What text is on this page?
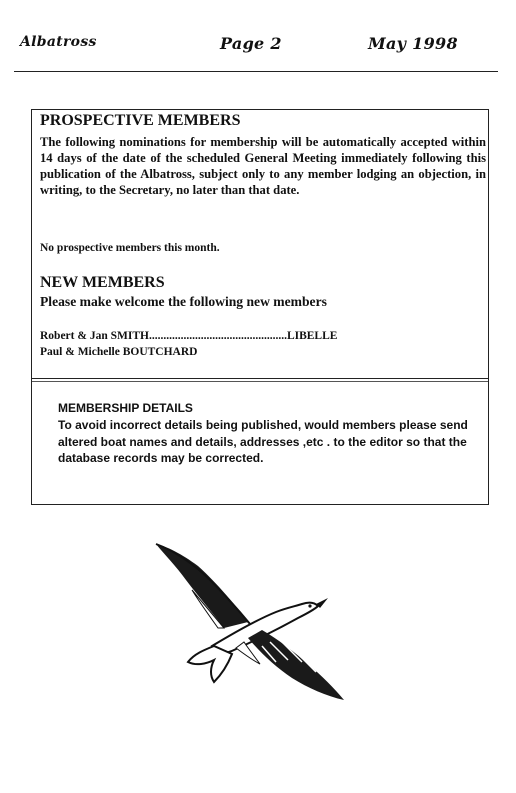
Albatross	Page 2	May 1998
PROSPECTIVE MEMBERS

The following nominations for membership will be automatically accepted within 14 days of the date of the scheduled General Meeting immediately following this publication of the Albatross, subject only to any member lodging an objection, in writing, to the Secretary, no later than that date.

No prospective members this month.

NEW MEMBERS

Please make welcome the following new members

Robert & Jan SMITH................................................LIBELLE

Paul & Michelle BOUTCHARD

MEMBERSHIP DETAILS

To avoid incorrect details being published, would members please send altered boat names and details, addresses ,etc . to the editor so that the database records may be corrected.
